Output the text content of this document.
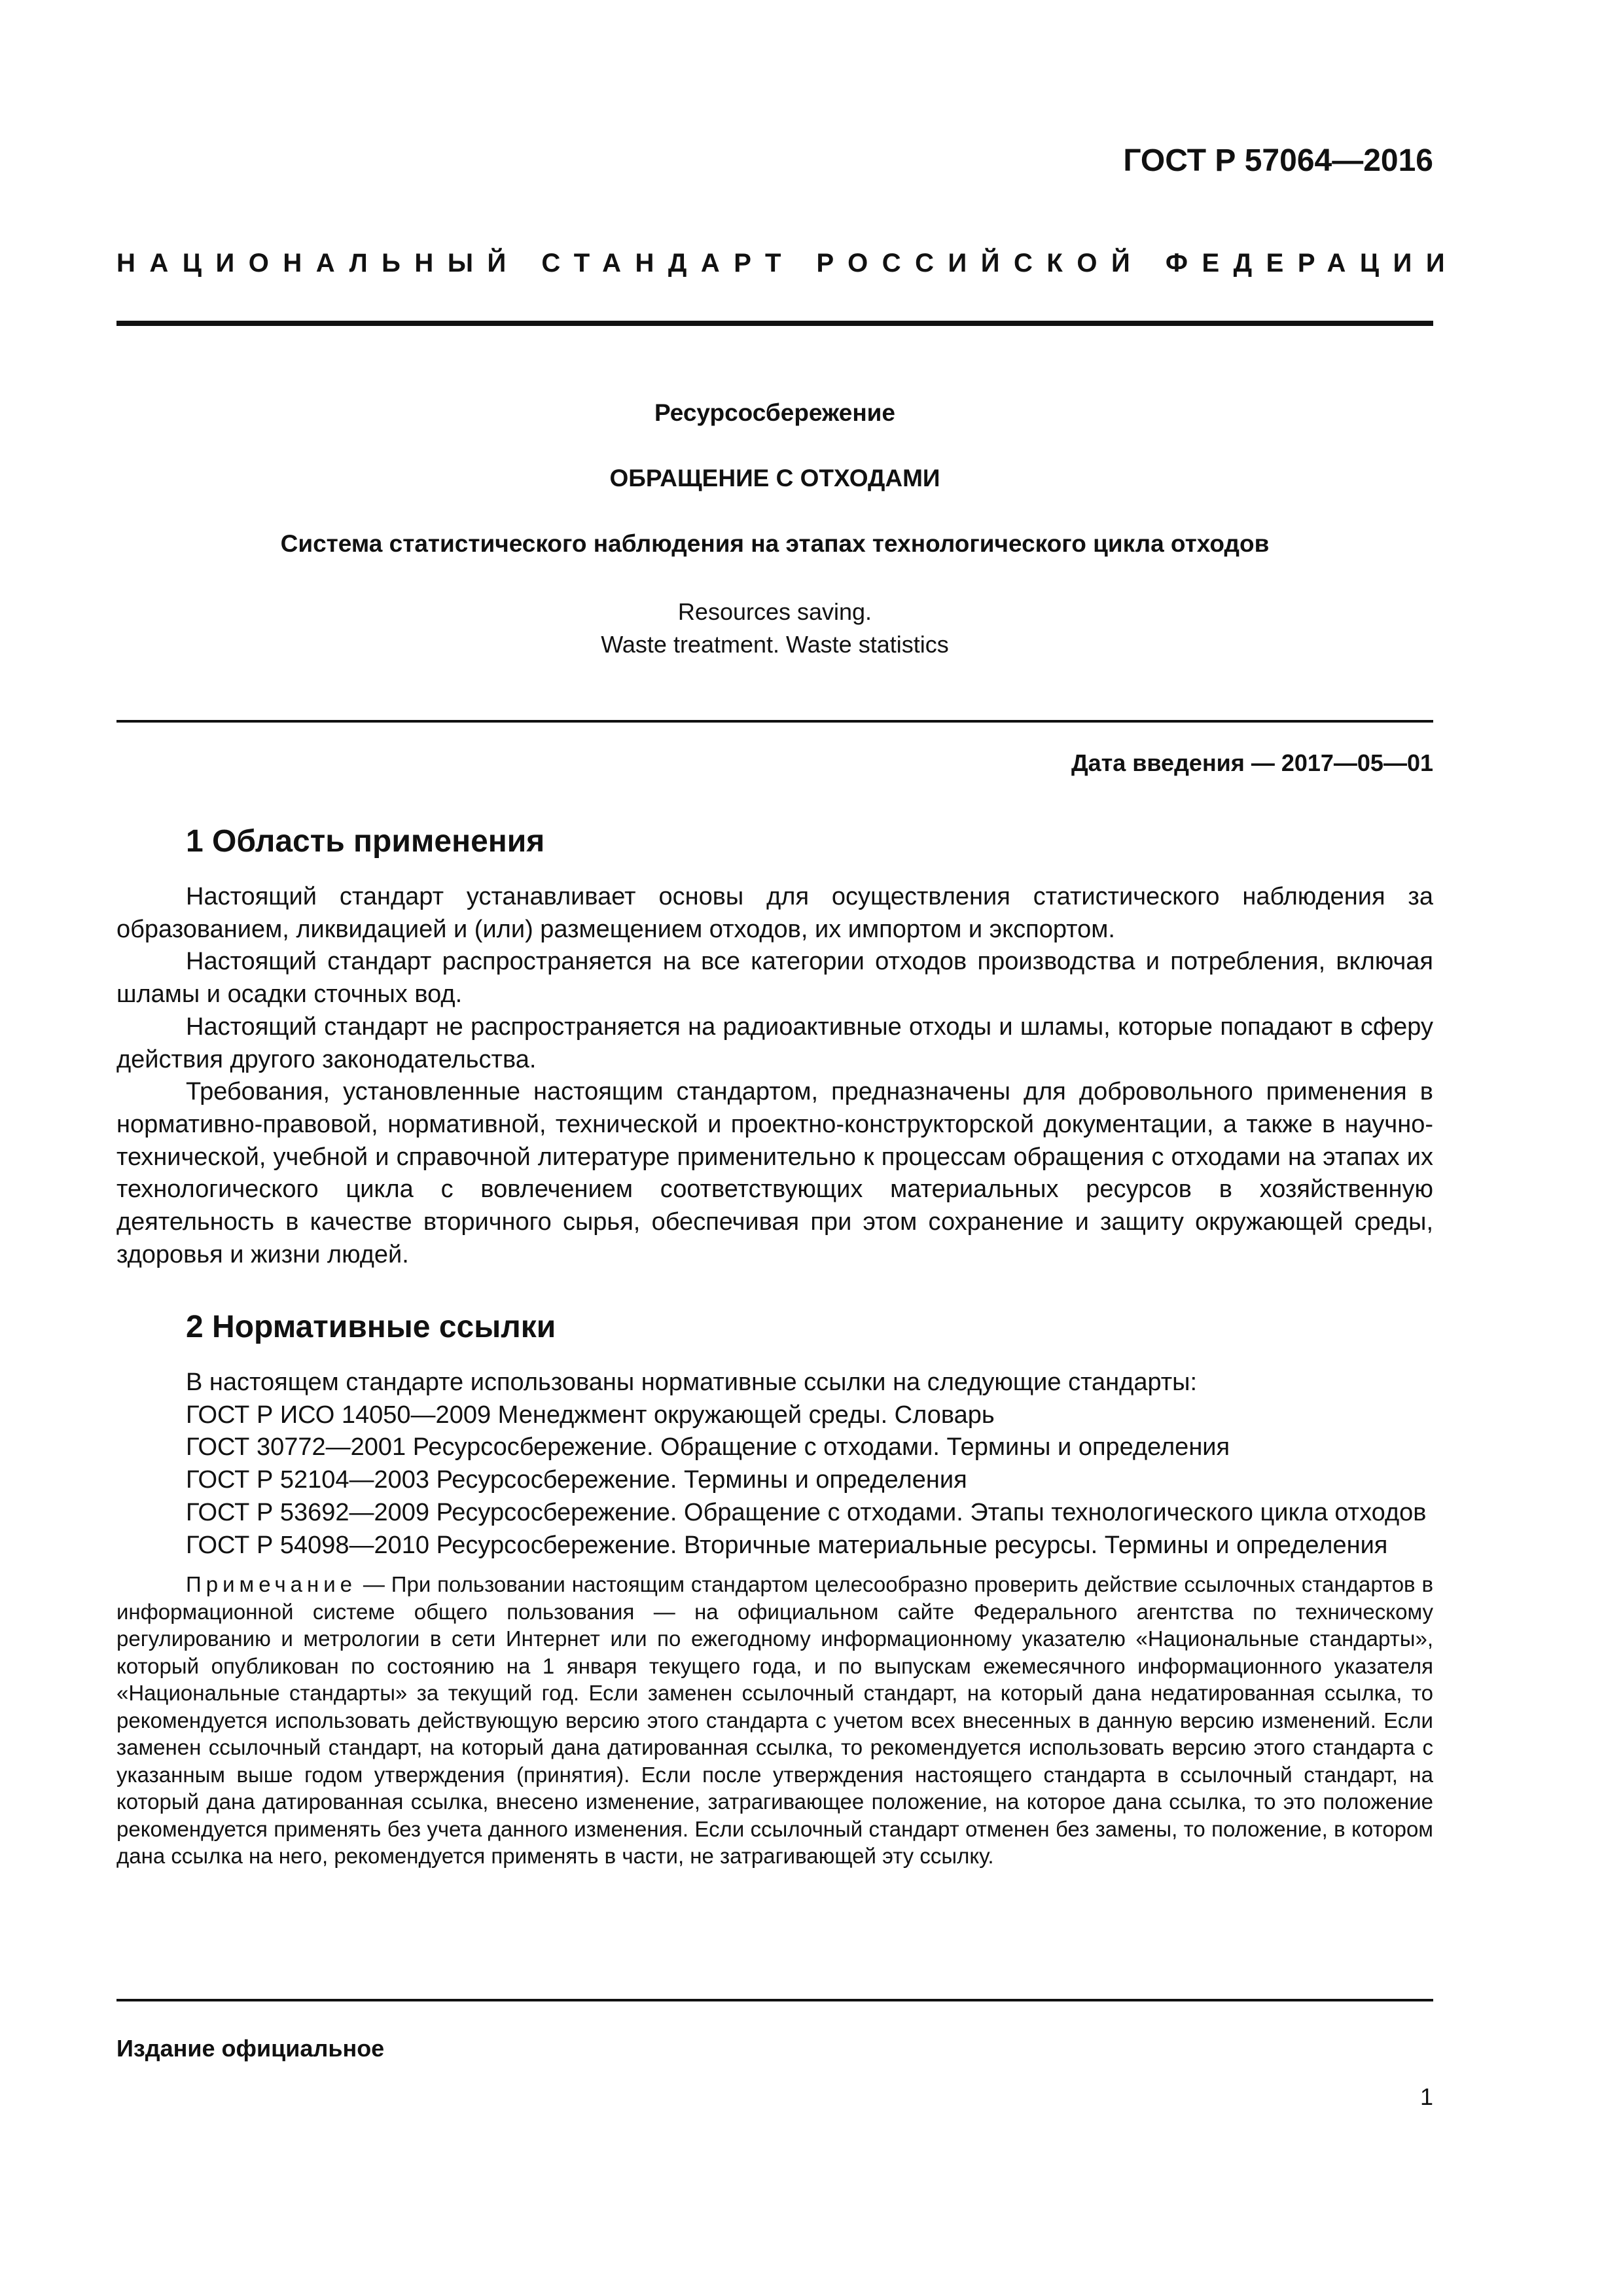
ГОСТ Р 57064—2016
НАЦИОНАЛЬНЫЙ СТАНДАРТ РОССИЙСКОЙ ФЕДЕРАЦИИ
Ресурсосбережение
ОБРАЩЕНИЕ С ОТХОДАМИ
Система статистического наблюдения на этапах технологического цикла отходов
Resources saving.
Waste treatment. Waste statistics
Дата введения — 2017—05—01
1 Область применения

Настоящий стандарт устанавливает основы для осуществления статистического наблюдения за образованием, ликвидацией и (или) размещением отходов, их импортом и экспортом.

Настоящий стандарт распространяется на все категории отходов производства и потребления, включая шламы и осадки сточных вод.

Настоящий стандарт не распространяется на радиоактивные отходы и шламы, которые попадают в сферу действия другого законодательства.

Требования, установленные настоящим стандартом, предназначены для добровольного применения в нормативно-правовой, нормативной, технической и проектно-конструкторской документации, а также в научно-технической, учебной и справочной литературе применительно к процессам обращения с отходами на этапах их технологического цикла с вовлечением соответствующих материальных ресурсов в хозяйственную деятельность в качестве вторичного сырья, обеспечивая при этом сохранение и защиту окружающей среды, здоровья и жизни людей.

2 Нормативные ссылки

В настоящем стандарте использованы нормативные ссылки на следующие стандарты:

ГОСТ Р ИСО 14050—2009 Менеджмент окружающей среды. Словарь

ГОСТ 30772—2001 Ресурсосбережение. Обращение с отходами. Термины и определения

ГОСТ Р 52104—2003 Ресурсосбережение. Термины и определения

ГОСТ Р 53692—2009 Ресурсосбережение. Обращение с отходами. Этапы технологического цикла отходов

ГОСТ Р 54098—2010 Ресурсосбережение. Вторичные материальные ресурсы. Термины и определения

Примечание — При пользовании настоящим стандартом целесообразно проверить действие ссылочных стандартов в информационной системе общего пользования — на официальном сайте Федерального агентства по техническому регулированию и метрологии в сети Интернет или по ежегодному информационному указателю «Национальные стандарты», который опубликован по состоянию на 1 января текущего года, и по выпускам ежемесячного информационного указателя «Национальные стандарты» за текущий год. Если заменен ссылочный стандарт, на который дана недатированная ссылка, то рекомендуется использовать действующую версию этого стандарта с учетом всех внесенных в данную версию изменений. Если заменен ссылочный стандарт, на который дана датированная ссылка, то рекомендуется использовать версию этого стандарта с указанным выше годом утверждения (принятия). Если после утверждения настоящего стандарта в ссылочный стандарт, на который дана датированная ссылка, внесено изменение, затрагивающее положение, на которое дана ссылка, то это положение рекомендуется применять без учета данного изменения. Если ссылочный стандарт отменен без замены, то положение, в котором дана ссылка на него, рекомендуется применять в части, не затрагивающей эту ссылку.

Издание официальное
1
